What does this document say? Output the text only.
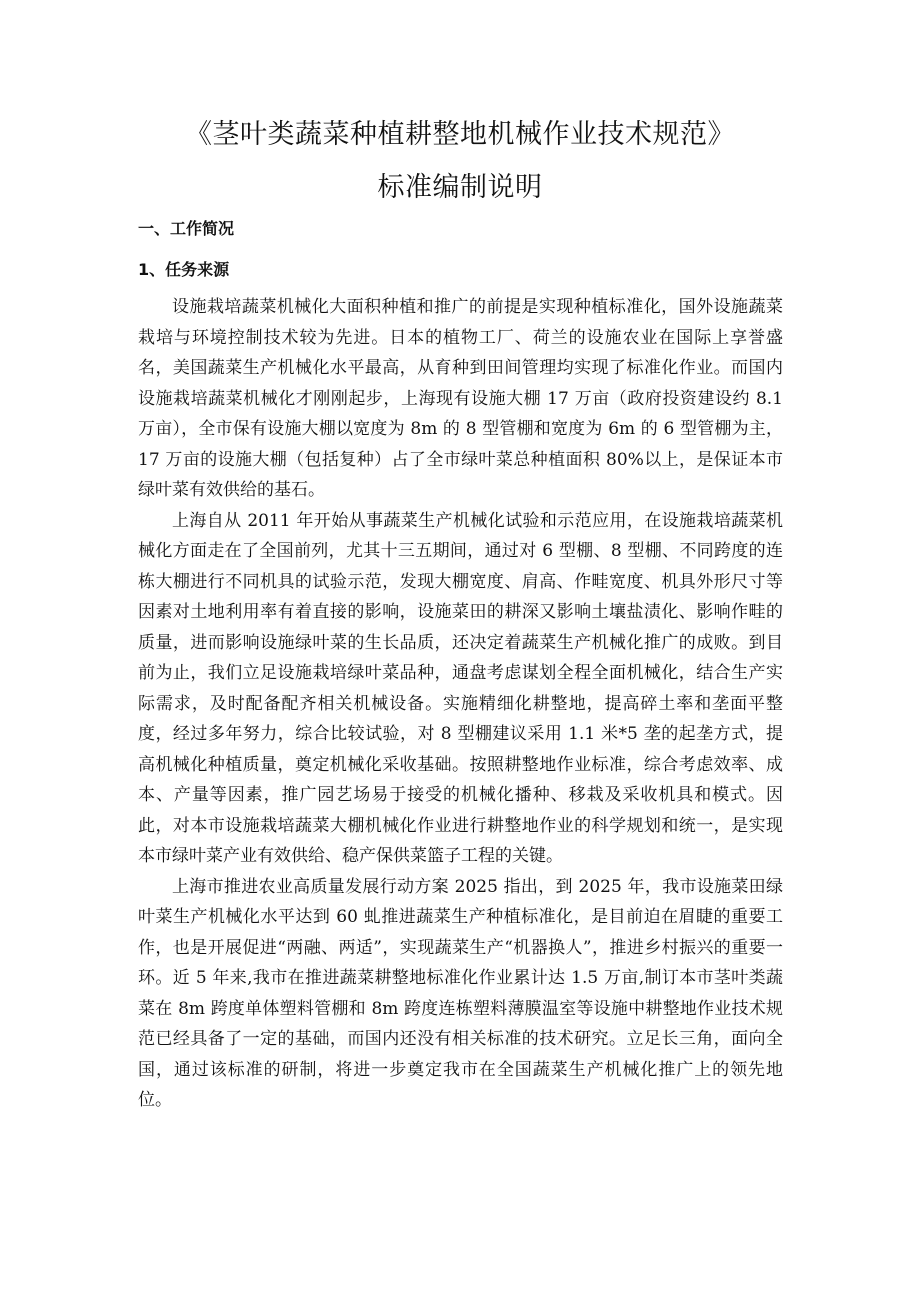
《茎叶类蔬菜种植耕整地机械作业技术规范》
标准编制说明
一、工作简况
1、任务来源

设施栽培蔬菜机械化大面积种植和推广的前提是实现种植标准化，国外设施蔬菜栽培与环境控制技术较为先进。日本的植物工厂、荷兰的设施农业在国际上享誉盛名，美国蔬菜生产机械化水平最高，从育种到田间管理均实现了标准化作业。而国内设施栽培蔬菜机械化才刚刚起步，上海现有设施大棚 17 万亩（政府投资建设约 8.1 万亩），全市保有设施大棚以宽度为 8m 的 8 型管棚和宽度为 6m 的 6 型管棚为主，17 万亩的设施大棚（包括复种）占了全市绿叶菜总种植面积 80%以上，是保证本市绿叶菜有效供给的基石。

上海自从 2011 年开始从事蔬菜生产机械化试验和示范应用，在设施栽培蔬菜机械化方面走在了全国前列，尤其十三五期间，通过对 6 型棚、8 型棚、不同跨度的连栋大棚进行不同机具的试验示范，发现大棚宽度、肩高、作畦宽度、机具外形尺寸等因素对土地利用率有着直接的影响，设施菜田的耕深又影响土壤盐渍化、影响作畦的质量，进而影响设施绿叶菜的生长品质，还决定着蔬菜生产机械化推广的成败。到目前为止，我们立足设施栽培绿叶菜品种，通盘考虑谋划全程全面机械化，结合生产实际需求，及时配备配齐相关机械设备。实施精细化耕整地，提高碎土率和垄面平整度，经过多年努力，综合比较试验，对 8 型棚建议采用 1.1 米*5 垄的起垄方式，提高机械化种植质量，奠定机械化采收基础。按照耕整地作业标准，综合考虑效率、成本、产量等因素，推广园艺场易于接受的机械化播种、移栽及采收机具和模式。因此，对本市设施栽培蔬菜大棚机械化作业进行耕整地作业的科学规划和统一，是实现本市绿叶菜产业有效供给、稳产保供菜篮子工程的关键。

上海市推进农业高质量发展行动方案 2025 指出，到 2025 年，我市设施菜田绿叶菜生产机械化水平达到 60 虬推进蔬菜生产种植标准化，是目前迫在眉睫的重要工作，也是开展促进“两融、两适”，实现蔬菜生产“机器换人”，推进乡村振兴的重要一环。近 5 年来,我市在推进蔬菜耕整地标准化作业累计达 1.5 万亩,制订本市茎叶类蔬菜在 8m 跨度单体塑料管棚和 8m 跨度连栋塑料薄膜温室等设施中耕整地作业技术规范已经具备了一定的基础，而国内还没有相关标准的技术研究。立足长三角，面向全国，通过该标准的研制，将进一步奠定我市在全国蔬菜生产机械化推广上的领先地位。
